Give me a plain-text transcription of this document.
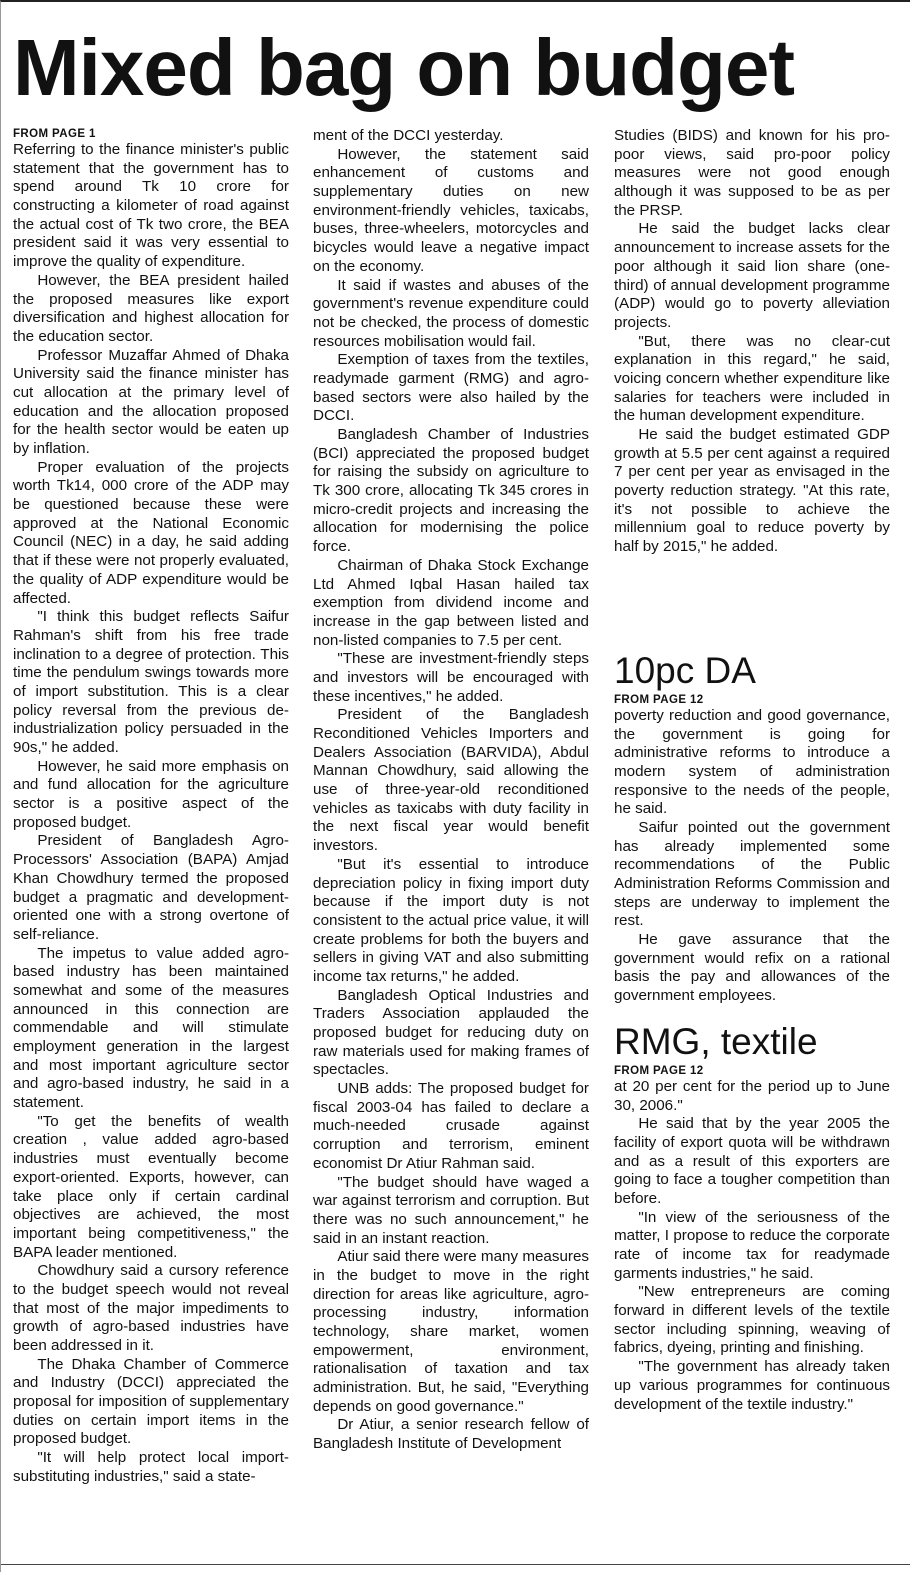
Mixed bag on budget
FROM PAGE 1

Referring to the finance minister's public statement that the government has to spend around Tk 10 crore for constructing a kilometer of road against the actual cost of Tk two crore, the BEA president said it was very essential to improve the quality of expenditure.

However, the BEA president hailed the proposed measures like export diversification and highest allocation for the education sector.

Professor Muzaffar Ahmed of Dhaka University said the finance minister has cut allocation at the primary level of education and the allocation proposed for the health sector would be eaten up by inflation.

Proper evaluation of the projects worth Tk14, 000 crore of the ADP may be questioned because these were approved at the National Economic Council (NEC) in a day, he said adding that if these were not properly evaluated, the quality of ADP expenditure would be affected.

"I think this budget reflects Saifur Rahman's shift from his free trade inclination to a degree of protection. This time the pendulum swings towards more of import substitution. This is a clear policy reversal from the previous de-industrialization policy persuaded in the 90s," he added.

However, he said more emphasis on and fund allocation for the agriculture sector is a positive aspect of the proposed budget.

President of Bangladesh Agro-Processors' Association (BAPA) Amjad Khan Chowdhury termed the proposed budget a pragmatic and development-oriented one with a strong overtone of self-reliance.

The impetus to value added agro-based industry has been maintained somewhat and some of the measures announced in this connection are commendable and will stimulate employment generation in the largest and most important agriculture sector and agro-based industry, he said in a statement.

"To get the benefits of wealth creation , value added agro-based industries must eventually become export-oriented. Exports, however, can take place only if certain cardinal objectives are achieved, the most important being competitiveness," the BAPA leader mentioned.

Chowdhury said a cursory reference to the budget speech would not reveal that most of the major impediments to growth of agro-based industries have been addressed in it.

The Dhaka Chamber of Commerce and Industry (DCCI) appreciated the proposal for imposition of supplementary duties on certain import items in the proposed budget.

"It will help protect local import-substituting industries," said a state-

ment of the DCCI yesterday.

However, the statement said enhancement of customs and supplementary duties on new environment-friendly vehicles, taxicabs, buses, three-wheelers, motorcycles and bicycles would leave a negative impact on the economy.

It said if wastes and abuses of the government's revenue expenditure could not be checked, the process of domestic resources mobilisation would fail.

Exemption of taxes from the textiles, readymade garment (RMG) and agro-based sectors were also hailed by the DCCI.

Bangladesh Chamber of Industries (BCI) appreciated the proposed budget for raising the subsidy on agriculture to Tk 300 crore, allocating Tk 345 crores in micro-credit projects and increasing the allocation for modernising the police force.

Chairman of Dhaka Stock Exchange Ltd Ahmed Iqbal Hasan hailed tax exemption from dividend income and increase in the gap between listed and non-listed companies to 7.5 per cent.

"These are investment-friendly steps and investors will be encouraged with these incentives," he added.

President of the Bangladesh Reconditioned Vehicles Importers and Dealers Association (BARVIDA), Abdul Mannan Chowdhury, said allowing the use of three-year-old reconditioned vehicles as taxicabs with duty facility in the next fiscal year would benefit investors.

"But it's essential to introduce depreciation policy in fixing import duty because if the import duty is not consistent to the actual price value, it will create problems for both the buyers and sellers in giving VAT and also submitting income tax returns," he added.

Bangladesh Optical Industries and Traders Association applauded the proposed budget for reducing duty on raw materials used for making frames of spectacles.

UNB adds: The proposed budget for fiscal 2003-04 has failed to declare a much-needed crusade against corruption and terrorism, eminent economist Dr Atiur Rahman said.

"The budget should have waged a war against terrorism and corruption. But there was no such announcement," he said in an instant reaction.

Atiur said there were many measures in the budget to move in the right direction for areas like agriculture, agro-processing industry, information technology, share market, women empowerment, environment, rationalisation of taxation and tax administration. But, he said, "Everything depends on good governance."

Dr Atiur, a senior research fellow of Bangladesh Institute of Development

Studies (BIDS) and known for his pro-poor views, said pro-poor policy measures were not good enough although it was supposed to be as per the PRSP.

He said the budget lacks clear announcement to increase assets for the poor although it said lion share (one-third) of annual development programme (ADP) would go to poverty alleviation projects.

"But, there was no clear-cut explanation in this regard," he said, voicing concern whether expenditure like salaries for teachers were included in the human development expenditure.

He said the budget estimated GDP growth at 5.5 per cent against a required 7 per cent per year as envisaged in the poverty reduction strategy. "At this rate, it's not possible to achieve the millennium goal to reduce poverty by half by 2015," he added.

10pc DA
FROM PAGE 12

poverty reduction and good governance, the government is going for administrative reforms to introduce a modern system of administration responsive to the needs of the people, he said.

Saifur pointed out the government has already implemented some recommendations of the Public Administration Reforms Commission and steps are underway to implement the rest.

He gave assurance that the government would refix on a rational basis the pay and allowances of the government employees.

RMG, textile
FROM PAGE 12

at 20 per cent for the period up to June 30, 2006."

He said that by the year 2005 the facility of export quota will be withdrawn and as a result of this exporters are going to face a tougher competition than before.

"In view of the seriousness of the matter, I propose to reduce the corporate rate of income tax for readymade garments industries," he said.

"New entrepreneurs are coming forward in different levels of the textile sector including spinning, weaving of fabrics, dyeing, printing and finishing.

"The government has already taken up various programmes for continuous development of the textile industry."
